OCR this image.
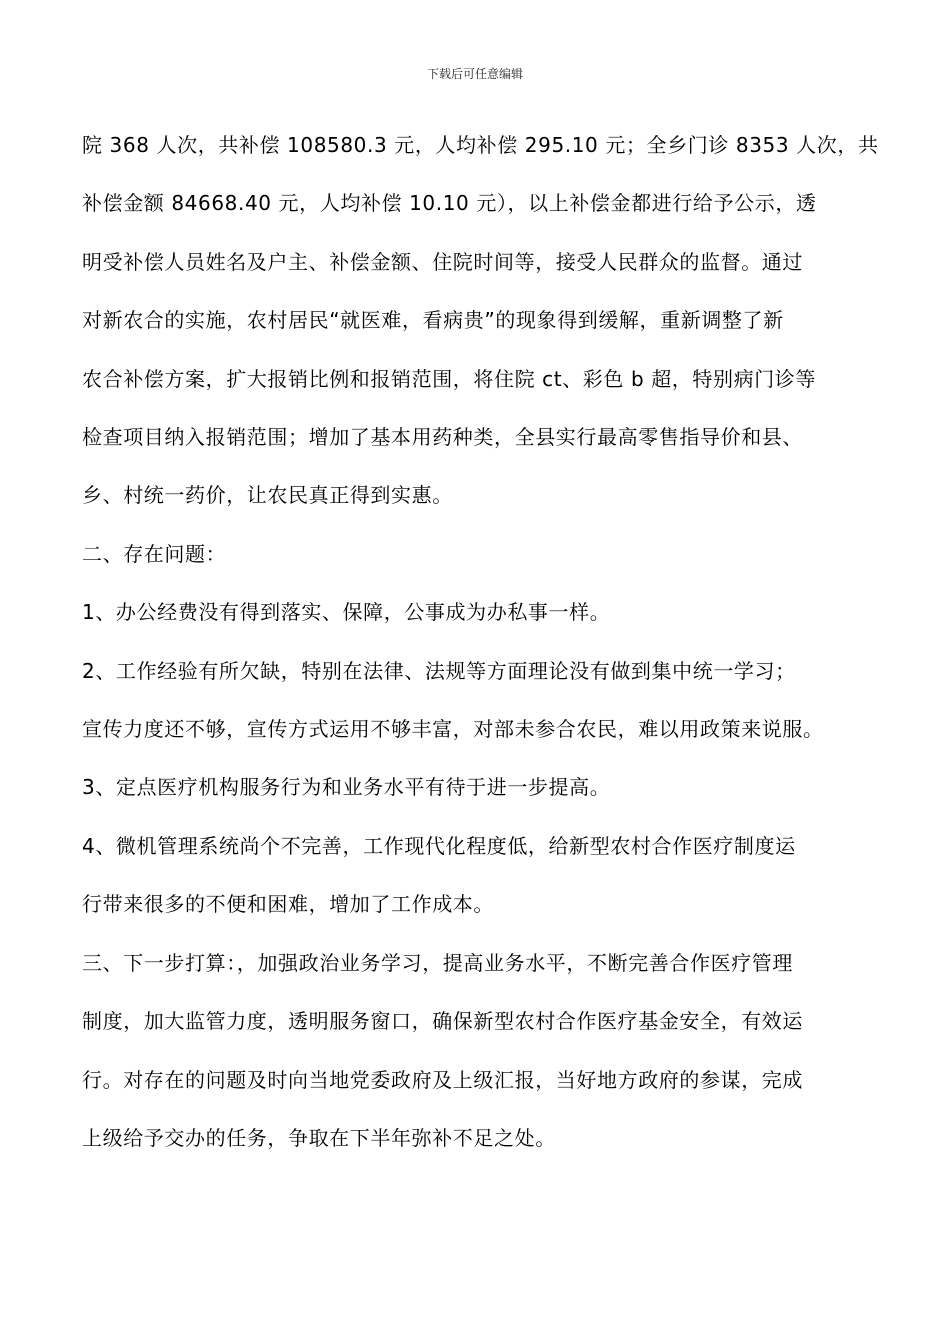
下载后可任意编辑

院 368 人次，共补偿 108580.3 元，人均补偿 295.10 元；全乡门诊 8353 人次，共

补偿金额 84668.40 元，人均补偿 10.10 元），以上补偿金都进行给予公示，透

明受补偿人员姓名及户主、补偿金额、住院时间等，接受人民群众的监督。通过

对新农合的实施，农村居民“就医难，看病贵”的现象得到缓解，重新调整了新

农合补偿方案，扩大报销比例和报销范围，将住院 ct、彩色 b 超，特别病门诊等

检查项目纳入报销范围；增加了基本用药种类，全县实行最高零售指导价和县、

乡、村统一药价，让农民真正得到实惠。

二、存在问题：

1、办公经费没有得到落实、保障，公事成为办私事一样。

2、工作经验有所欠缺，特别在法律、法规等方面理论没有做到集中统一学习；

宣传力度还不够，宣传方式运用不够丰富，对部未参合农民，难以用政策来说服。

3、定点医疗机构服务行为和业务水平有待于进一步提高。

4、微机管理系统尚个不完善，工作现代化程度低，给新型农村合作医疗制度运

行带来很多的不便和困难，增加了工作成本。

三、下一步打算：，加强政治业务学习，提高业务水平，不断完善合作医疗管理

制度，加大监管力度，透明服务窗口，确保新型农村合作医疗基金安全，有效运

行。对存在的问题及时向当地党委政府及上级汇报，当好地方政府的参谋，完成

上级给予交办的任务，争取在下半年弥补不足之处。
